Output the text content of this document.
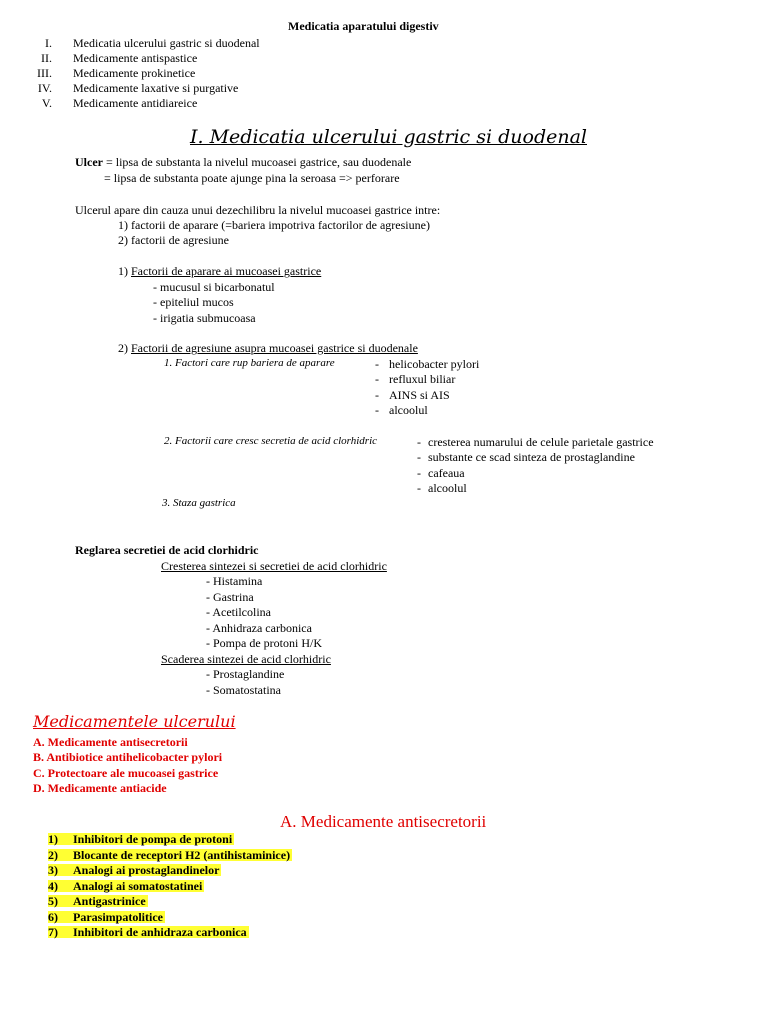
Medicatia aparatului digestiv
I. Medicatia ulcerului gastric si duodenal
II. Medicamente antispastice
III. Medicamente prokinetice
IV. Medicamente laxative si purgative
V. Medicamente antidiareice
I. Medicatia ulcerului gastric si duodenal
Ulcer = lipsa de substanta la nivelul mucoasei gastrice, sau duodenale
= lipsa de substanta poate ajunge pina la seroasa => perforare
Ulcerul apare din cauza unui dezechilibru la nivelul mucoasei gastrice intre:
1) factorii de aparare (=bariera impotriva factorilor de agresiune)
2) factorii de agresiune
1) Factorii de aparare ai mucoasei gastrice
- mucusul si bicarbonatul
- epiteliul mucos
- irigatia submucoasa
2) Factorii de agresiune asupra mucoasei gastrice si duodenale
1. Factori care rup bariera de aparare	- helicobacter pylori
- refluxul biliar
- AINS si AIS
- alcoolul
2. Factorii care cresc secretia de acid clorhidric	- cresterea numarului de celule parietale gastrice
- substante ce scad sinteza de prostaglandine
- cafeaua
- alcoolul
3. Staza gastrica
Reglarea secretiei de acid clorhidric
Cresterea sintezei si secretiei de acid clorhidric
- Histamina
- Gastrina
- Acetilcolina
- Anhidraza carbonica
- Pompa de protoni H/K
Scaderea sintezei de acid clorhidric
- Prostaglandine
- Somatostatina
Medicamentele ulcerului
A. Medicamente antisecretorii
B. Antibiotice antihelicobacter pylori
C. Protectoare ale mucoasei gastrice
D. Medicamente antiacide
A. Medicamente antisecretorii
1) Inhibitori de pompa de protoni
2) Blocante de receptori H2 (antihistaminice)
3) Analogi ai prostaglandinelor
4) Analogi ai somatostatinei
5) Antigastrinice
6) Parasimpatolitice
7) Inhibitori de anhidraza carbonica
